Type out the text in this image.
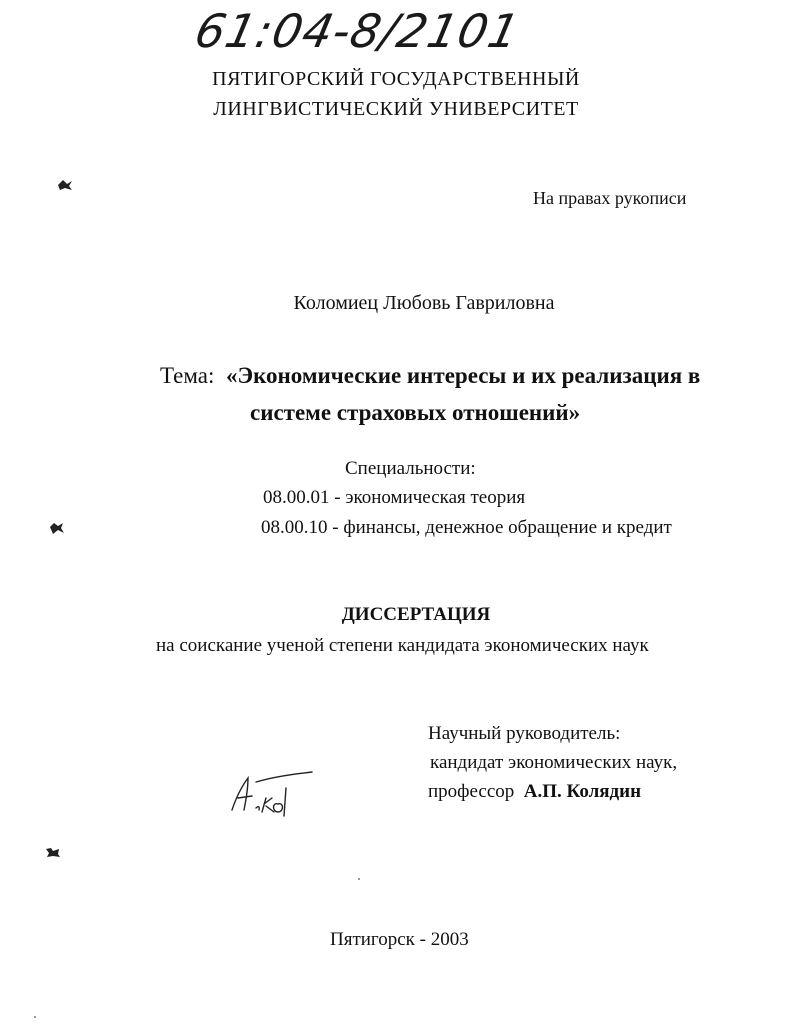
61:04-8/2101
ПЯТИГОРСКИЙ ГОСУДАРСТВЕННЫЙ
ЛИНГВИСТИЧЕСКИЙ УНИВЕРСИТЕТ
На правах рукописи
Коломиец Любовь Гавриловна
Тема: «Экономические интересы и их реализация в
системе страховых отношений»
Специальности:
08.00.01 - экономическая теория
08.00.10 - финансы, денежное обращение и кредит
ДИССЕРТАЦИЯ
на соискание ученой степени кандидата экономических наук
Научный руководитель:
кандидат экономических наук,
профессор А.П. Колядин
Пятигорск - 2003
